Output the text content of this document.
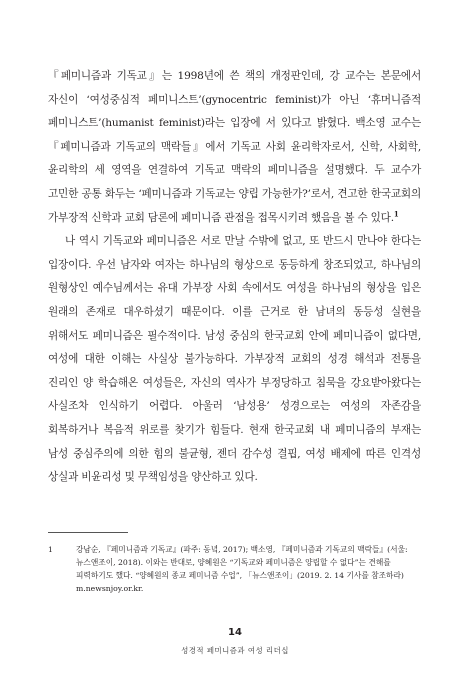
『페미니즘과 기독교』는 1998년에 쓴 책의 개정판인데, 강 교수는 본문에서 자신이 ‘여성중심적 페미니스트’(gynocentric feminist)가 아닌 ‘휴머니즘적 페미니스트’(humanist feminist)라는 입장에 서 있다고 밝혔다. 백소영 교수는 『페미니즘과 기독교의 맥락들』에서 기독교 사회 윤리학자로서, 신학, 사회학, 윤리학의 세 영역을 연결하여 기독교 맥락의 페미니즘을 설명했다. 두 교수가 고민한 공통 화두는 ‘페미니즘과 기독교는 양립 가능한가?’로서, 견고한 한국교회의 가부장적 신학과 교회 담론에 페미니즘 관점을 접목시키려 했음을 볼 수 있다.$^1$

나 역시 기독교와 페미니즘은 서로 만날 수밖에 없고, 또 반드시 만나야 한다는 입장이다. 우선 남자와 여자는 하나님의 형상으로 동등하게 창조되었고, 하나님의 원형상인 예수님께서는 유대 가부장 사회 속에서도 여성을 하나님의 형상을 입은 원래의 존재로 대우하셨기 때문이다. 이를 근거로 한 남녀의 동등성 실현을 위해서도 페미니즘은 필수적이다. 남성 중심의 한국교회 안에 페미니즘이 없다면, 여성에 대한 이해는 사실상 불가능하다. 가부장적 교회의 성경 해석과 전통을 진리인 양 학습해온 여성들은, 자신의 역사가 부정당하고 침묵을 강요받아왔다는 사실조차 인식하기 어렵다. 아울러 ‘남성용’ 성경으로는 여성의 자존감을 회복하거나 복음적 위로를 찾기가 힘들다. 현재 한국교회 내 페미니즘의 부재는 남성 중심주의에 의한 힘의 불균형, 젠더 감수성 결핍, 여성 배제에 따른 인격성 상실과 비윤리성 및 무책임성을 양산하고 있다.

1	강남순, 『페미니즘과 기독교』(파주: 동녘, 2017); 백소영, 『페미니즘과 기독교의 맥락들』(서울: 뉴스앤조이, 2018). 이와는 반대로, 양혜원은 “기독교와 페미니즘은 양립할 수 없다”는 견해를 피력하기도 했다. “양혜원의 종교 페미니즘 수업”, 「뉴스앤조이」(2019. 2. 14 기사를 참조하라) m.newsnjoy.or.kr.
14
성경적 페미니즘과 여성 리더십
